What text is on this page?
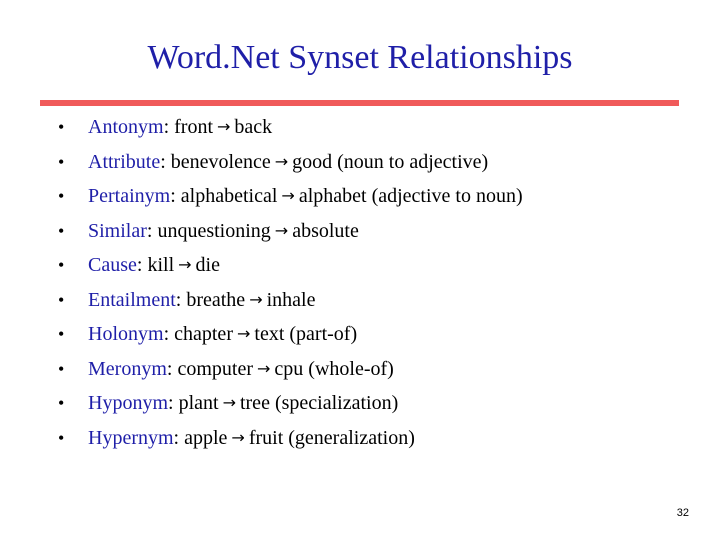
Word.Net Synset Relationships
• Antonym: front → back
• Attribute: benevolence → good (noun to adjective)
• Pertainym: alphabetical → alphabet (adjective to noun)
• Similar: unquestioning → absolute
• Cause: kill → die
• Entailment: breathe → inhale
• Holonym: chapter → text (part-of)
• Meronym: computer → cpu (whole-of)
• Hyponym: plant → tree (specialization)
• Hypernym: apple → fruit (generalization)
32
